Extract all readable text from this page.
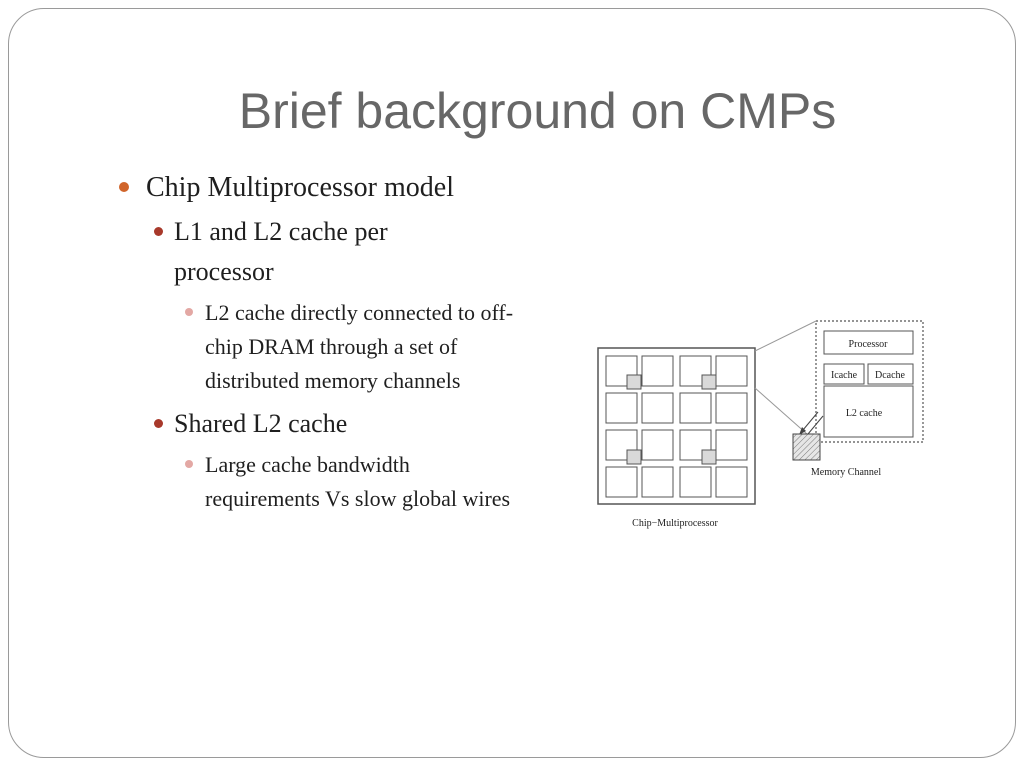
Brief background on CMPs
Chip Multiprocessor model
L1 and L2 cache per processor
L2 cache directly connected to off-chip DRAM through a set of distributed memory channels
Shared L2 cache
Large cache bandwidth requirements Vs slow global wires
Processor
Icache Dcache
L2 cache
Memory Channel
Chip−Multiprocessor
